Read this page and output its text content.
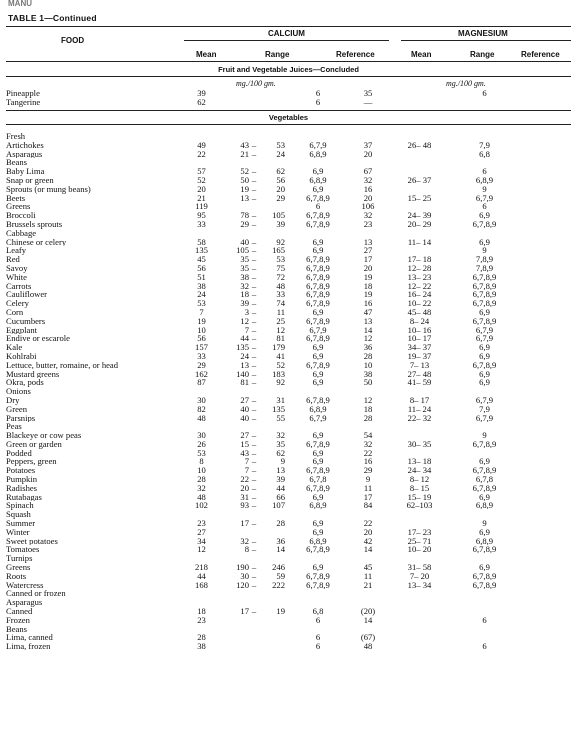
MANU
TABLE 1—Continued
FOOD
CALCIUM	MAGNESIUM
Mean	Range	Reference	Mean	Range	Reference
Fruit and Vegetable Juices—Concluded
mg./100 gm.	mg./100 gm.
Pineapple	39				6	35		6
Tangerine	62				6	—		
Vegetables
Fresh								
Artichokes	49	43	–	53	6,7,9	37	26– 48	7,9
Asparagus	22	21	–	24	6,8,9	20		6,8
Beans								
Baby Lima	57	52	–	62	6,9	67		6
Snap or green	52	50	–	56	6,8,9	32	26– 37	6,8,9
Sprouts (or mung beans)	20	19	–	20	6,9	16		9
Beets	21	13	–	29	6,7,8,9	20	15– 25	6,7,9
Greens	119				6	106		6
Broccoli	95	78	–	105	6,7,8,9	32	24– 39	6,9
Brussels sprouts	33	29	–	39	6,7,8,9	23	20– 29	6,7,8,9
Cabbage								
Chinese or celery	58	40	–	92	6,9	13	11– 14	6,9
Leafy	135	105	–	165	6,9	27		9
Red	45	35	–	53	6,7,8,9	17	17– 18	7,8,9
Savoy	56	35	–	75	6,7,8,9	20	12– 28	7,8,9
White	51	38	–	72	6,7,8,9	19	13– 23	6,7,8,9
Carrots	38	32	–	48	6,7,8,9	18	12– 22	6,7,8,9
Cauliflower	24	18	–	33	6,7,8,9	19	16– 24	6,7,8,9
Celery	53	39	–	74	6,7,8,9	16	10– 22	6,7,8,9
Corn	7	3	–	11	6,9	47	45– 48	6,9
Cucumbers	19	12	–	25	6,7,8,9	13	8– 24	6,7,8,9
Eggplant	10	7	–	12	6,7,9	14	10– 16	6,7,9
Endive or escarole	56	44	–	81	6,7,8,9	12	10– 17	6,7,9
Kale	157	135	–	179	6,9	36	34– 37	6,9
Kohlrabi	33	24	–	41	6,9	28	19– 37	6,9
Lettuce, butter, romaine, or head	29	13	–	52	6,7,8,9	10	7– 13	6,7,8,9
Mustard greens	162	140	–	183	6,9	38	27– 48	6,9
Okra, pods	87	81	–	92	6,9	50	41– 59	6,9
Onions								
Dry	30	27	–	31	6,7,8,9	12	8– 17	6,7,9
Green	82	40	–	135	6,8,9	18	11– 24	7,9
Parsnips	48	40	–	55	6,7,9	28	22– 32	6,7,9
Peas								
Blackeye or cow peas	30	27	–	32	6,9	54		9
Green or garden	26	15	–	35	6,7,8,9	32	30– 35	6,7,8,9
Podded	53	43	–	62	6,9	22		
Peppers, green	8	7	–	9	6,9	16	13– 18	6,9
Potatoes	10	7	–	13	6,7,8,9	29	24– 34	6,7,8,9
Pumpkin	28	22	–	39	6,7,8	9	8– 12	6,7,8
Radishes	32	20	–	44	6,7,8,9	11	8– 15	6,7,8,9
Rutabagas	48	31	–	66	6,9	17	15– 19	6,9
Spinach	102	93	–	107	6,8,9	84	62–103	6,8,9
Squash								
Summer	23	17	–	28	6,9	22		9
Winter	27				6,9	20	17– 23	6,9
Sweet potatoes	34	32	–	36	6,8,9	42	25– 71	6,8,9
Tomatoes	12	8	–	14	6,7,8,9	14	10– 20	6,7,8,9
Turnips								
Greens	218	190	–	246	6,9	45	31– 58	6,9
Roots	44	30	–	59	6,7,8,9	11	7– 20	6,7,8,9
Watercress	168	120	–	222	6,7,8,9	21	13– 34	6,7,8,9
Canned or frozen								
Asparagus								
Canned	18	17	–	19	6,8	(20)		
Frozen	23				6	14		6
Beans								
Lima, canned	28				6	(67)		
Lima, frozen	38				6	48		6
